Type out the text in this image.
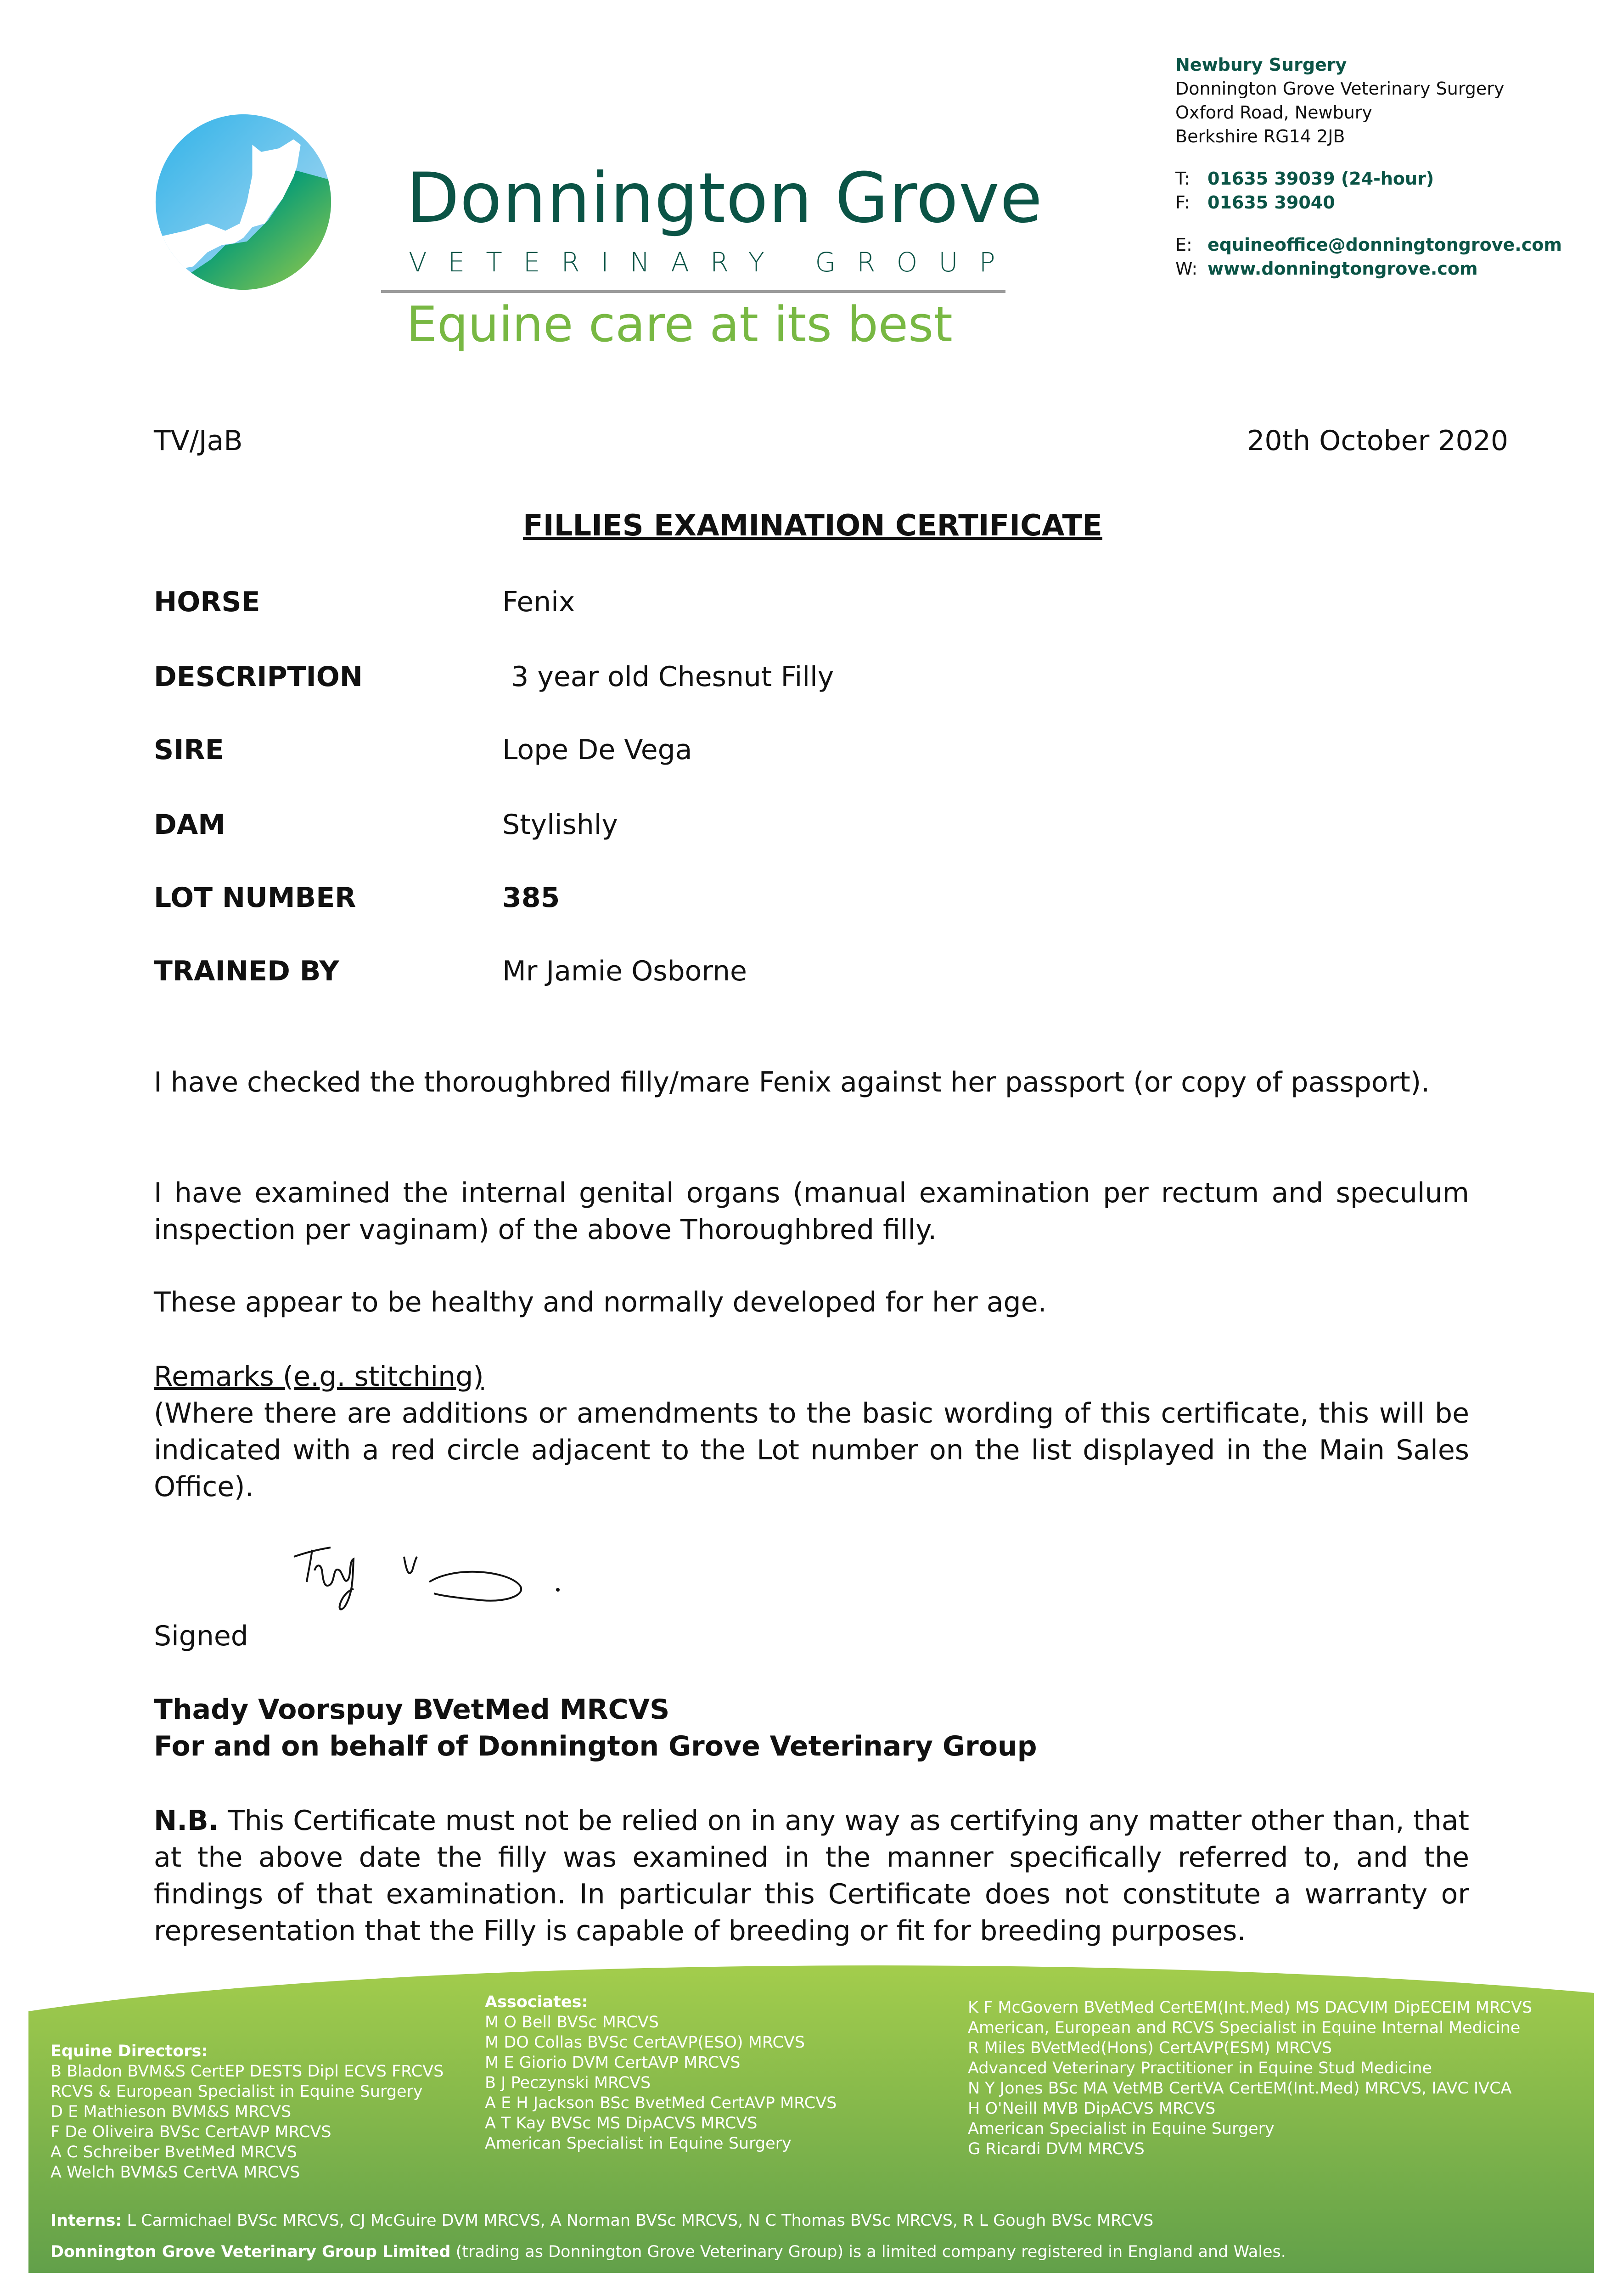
Donnington Grove
VETERINARY GROUP
Equine care at its best
Newbury Surgery
Donnington Grove Veterinary Surgery
Oxford Road, Newbury
Berkshire RG14 2JB
T: 01635 39039 (24-hour)
F: 01635 39040
E: equineoffice@donningtongrove.com
W: www.donningtongrove.com
TV/JaB	20th October 2020
FILLIES EXAMINATION CERTIFICATE
HORSE	Fenix
DESCRIPTION	3 year old Chesnut Filly
SIRE	Lope De Vega
DAM	Stylishly
LOT NUMBER	385
TRAINED BY	Mr Jamie Osborne
I have checked the thoroughbred filly/mare Fenix against her passport (or copy of passport).
I have examined the internal genital organs (manual examination per rectum and speculum inspection per vaginam) of the above Thoroughbred filly.
These appear to be healthy and normally developed for her age.
Remarks (e.g. stitching)
(Where there are additions or amendments to the basic wording of this certificate, this will be indicated with a red circle adjacent to the Lot number on the list displayed in the Main Sales Office).
Signed
Thady Voorspuy BVetMed MRCVS
For and on behalf of Donnington Grove Veterinary Group
N.B. This Certificate must not be relied on in any way as certifying any matter other than, that at the above date the filly was examined in the manner specifically referred to, and the findings of that examination. In particular this Certificate does not constitute a warranty or representation that the Filly is capable of breeding or fit for breeding purposes.
Associates:
M O Bell BVSc MRCVS
M DO Collas BVSc CertAVP(ESO) MRCVS
M E Giorio DVM CertAVP MRCVS
B J Peczynski MRCVS
A E H Jackson BSc BvetMed CertAVP MRCVS
A T Kay BVSc MS DipACVS MRCVS
American Specialist in Equine Surgery
K F McGovern BVetMed CertEM(Int.Med) MS DACVIM DipECEIM MRCVS
American, European and RCVS Specialist in Equine Internal Medicine
R Miles BVetMed(Hons) CertAVP(ESM) MRCVS
Advanced Veterinary Practitioner in Equine Stud Medicine
N Y Jones BSc MA VetMB CertVA CertEM(Int.Med) MRCVS, IAVC IVCA
H O'Neill MVB DipACVS MRCVS
American Specialist in Equine Surgery
G Ricardi DVM MRCVS
Equine Directors:
B Bladon BVM&S CertEP DESTS Dipl ECVS FRCVS
RCVS & European Specialist in Equine Surgery
D E Mathieson BVM&S MRCVS
F De Oliveira BVSc CertAVP MRCVS
A C Schreiber BvetMed MRCVS
A Welch BVM&S CertVA MRCVS
Interns: L Carmichael BVSc MRCVS, CJ McGuire DVM MRCVS, A Norman BVSc MRCVS, N C Thomas BVSc MRCVS, R L Gough BVSc MRCVS
Donnington Grove Veterinary Group Limited (trading as Donnington Grove Veterinary Group) is a limited company registered in England and Wales.
